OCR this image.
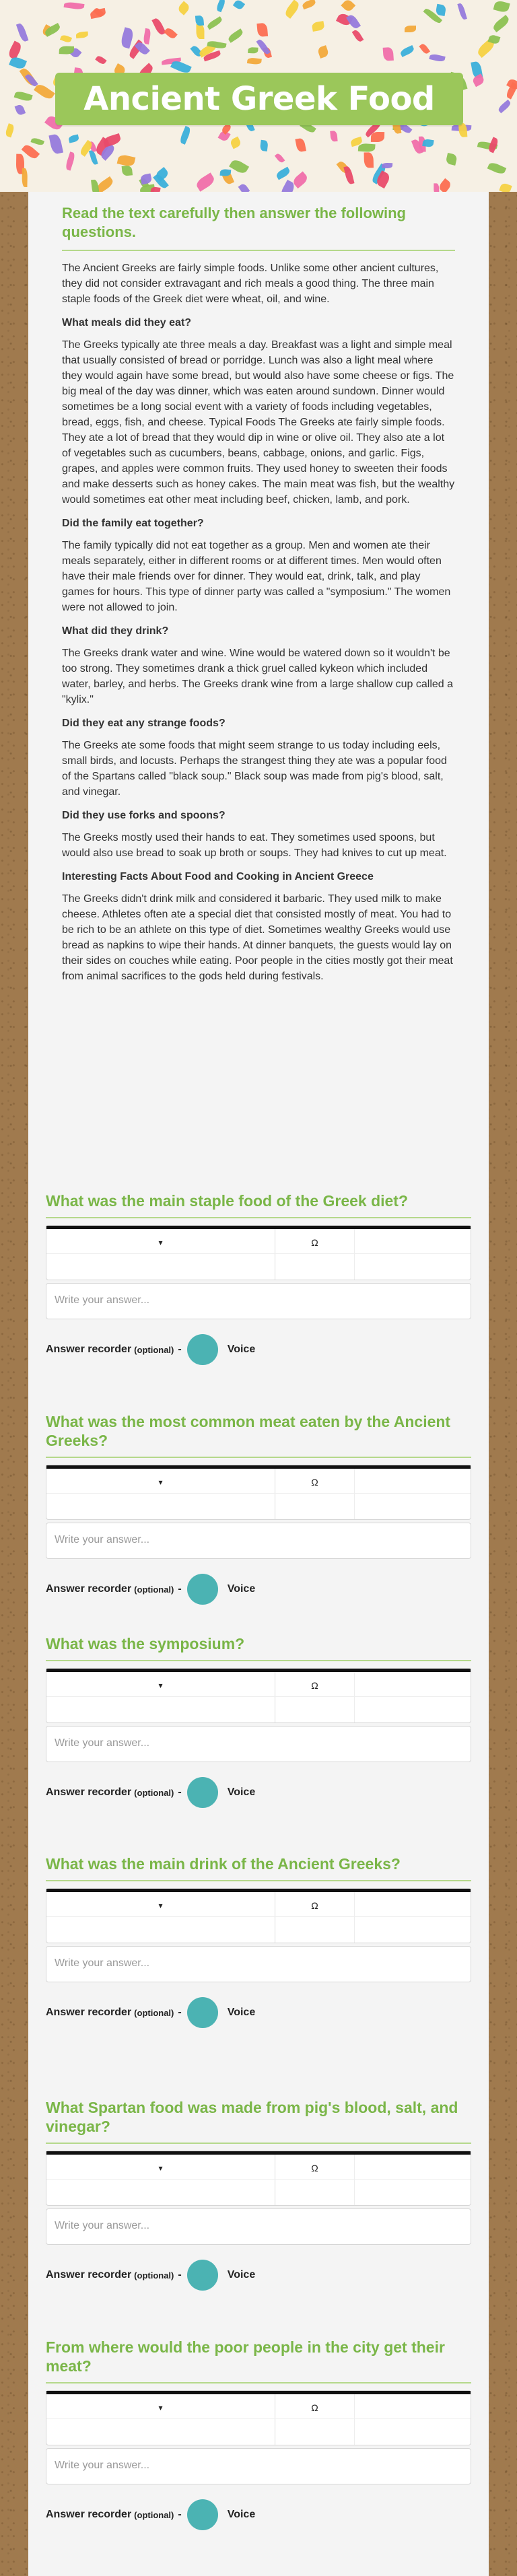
Ancient Greek Food
Read the text carefully then answer the following questions.

The Ancient Greeks are fairly simple foods. Unlike some other ancient cultures, they did not consider extravagant and rich meals a good thing. The three main staple foods of the Greek diet were wheat, oil, and wine.

What meals did they eat?

The Greeks typically ate three meals a day. Breakfast was a light and simple meal that usually consisted of bread or porridge. Lunch was also a light meal where they would again have some bread, but would also have some cheese or figs. The big meal of the day was dinner, which was eaten around sundown. Dinner would sometimes be a long social event with a variety of foods including vegetables, bread, eggs, fish, and cheese. Typical Foods The Greeks ate fairly simple foods. They ate a lot of bread that they would dip in wine or olive oil. They also ate a lot of vegetables such as cucumbers, beans, cabbage, onions, and garlic. Figs, grapes, and apples were common fruits. They used honey to sweeten their foods and make desserts such as honey cakes. The main meat was fish, but the wealthy would sometimes eat other meat including beef, chicken, lamb, and pork.

Did the family eat together?

The family typically did not eat together as a group. Men and women ate their meals separately, either in different rooms or at different times. Men would often have their male friends over for dinner. They would eat, drink, talk, and play games for hours. This type of dinner party was called a "symposium." The women were not allowed to join.

What did they drink?

The Greeks drank water and wine. Wine would be watered down so it wouldn't be too strong. They sometimes drank a thick gruel called kykeon which included water, barley, and herbs. The Greeks drank wine from a large shallow cup called a "kylix."

Did they eat any strange foods?

The Greeks ate some foods that might seem strange to us today including eels, small birds, and locusts. Perhaps the strangest thing they ate was a popular food of the Spartans called "black soup." Black soup was made from pig's blood, salt, and vinegar.

Did they use forks and spoons?

The Greeks mostly used their hands to eat. They sometimes used spoons, but would also use bread to soak up broth or soups. They had knives to cut up meat.

Interesting Facts About Food and Cooking in Ancient Greece

The Greeks didn't drink milk and considered it barbaric. They used milk to make cheese. Athletes often ate a special diet that consisted mostly of meat. You had to be rich to be an athlete on this type of diet. Sometimes wealthy Greeks would use bread as napkins to wipe their hands. At dinner banquets, the guests would lay on their sides on couches while eating. Poor people in the cities mostly got their meat from animal sacrifices to the gods held during festivals.

What was the main staple food of the Greek diet?
▾	Ω
Write your answer...
Answer recorder (optional) -	Voice
What was the most common meat eaten by the Ancient Greeks?
▾	Ω
Write your answer...
Answer recorder (optional) -	Voice
What was the symposium?
▾	Ω
Write your answer...
Answer recorder (optional) -	Voice
What was the main drink of the Ancient Greeks?
▾	Ω
Write your answer...
Answer recorder (optional) -	Voice
What Spartan food was made from pig's blood, salt, and vinegar?
▾	Ω
Write your answer...
Answer recorder (optional) -	Voice
From where would the poor people in the city get their meat?
▾	Ω
Write your answer...
Answer recorder (optional) -	Voice
